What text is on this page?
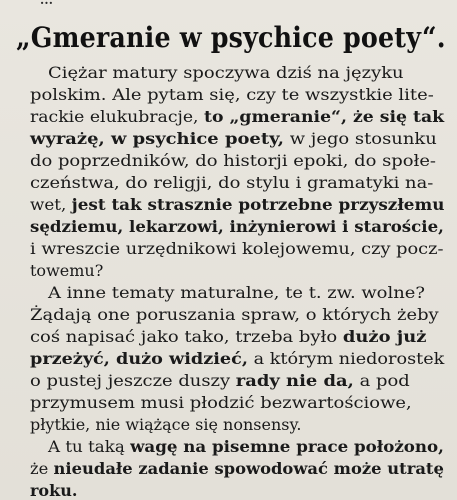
...
„Gmeranie w psychice poety“.
Ciężar matury spoczywa dziś na języku
polskim. Ale pytam się, czy te wszystkie lite-
rackie elukubracje, to „gmeranie“, że się tak
wyrażę, w psychice poety, w jego stosunku
do poprzedników, do historji epoki, do społe-
czeństwa, do religji, do stylu i gramatyki na-
wet, jest tak strasznie potrzebne przyszłemu
sędziemu, lekarzowi, inżynierowi i starościе,
i wreszcie urzędnikowi kolejowemu, czy pocz-
towemu?
A inne tematy maturalne, te t. zw. wolne?
Żądają one poruszania spraw, o których żeby
coś napisać jako tako, trzeba było dużo już
przeżyć, dużo widzieć, a którym niedorostek
o pustej jeszcze duszy rady nie da, a pod
przymusem musi płodzić bezwartościowe,
płytkie, nie wiążące się nonsensy.
A tu taką wagę na pisemne prace położono,
że nieudałe zadanie spowodować może utratę
roku.
